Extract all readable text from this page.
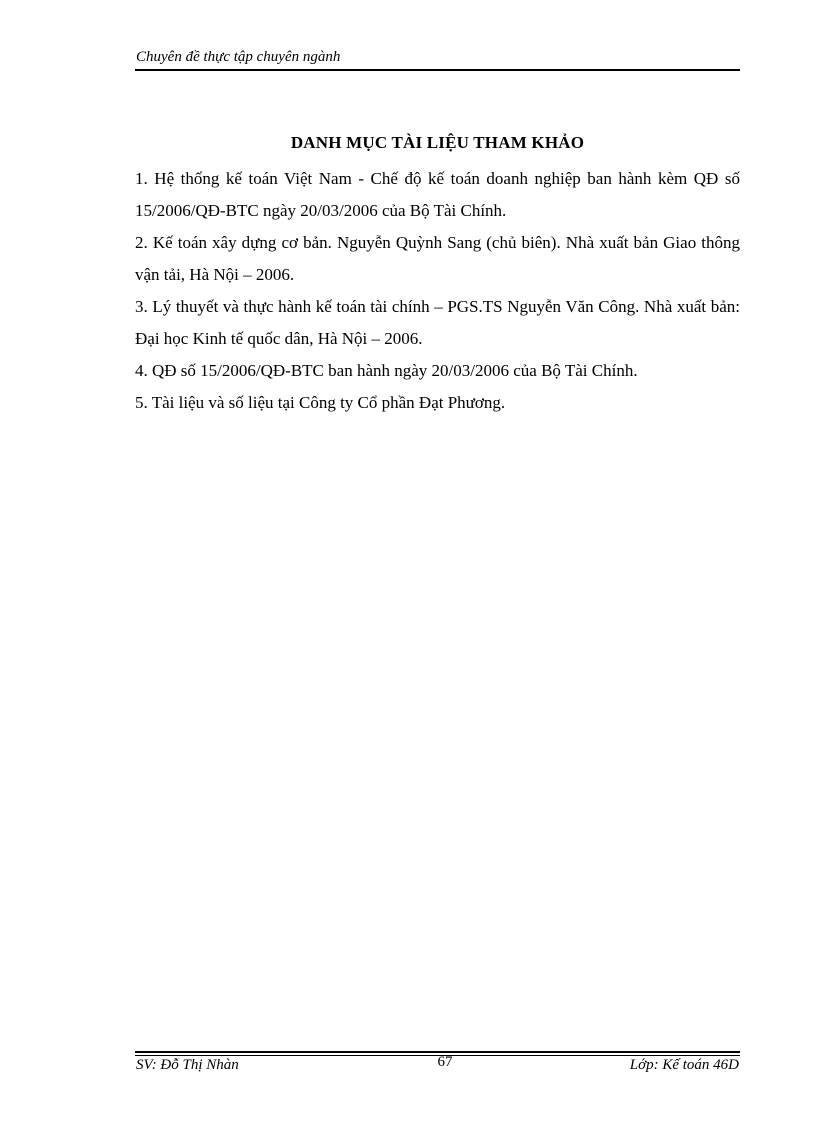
Chuyên đề thực tập chuyên ngành
DANH MỤC TÀI LIỆU THAM KHẢO
1. Hệ thống kế toán Việt Nam - Chế độ kế toán doanh nghiệp ban hành kèm QĐ số 15/2006/QĐ-BTC ngày 20/03/2006 của Bộ Tài Chính.
2. Kế toán xây dựng cơ bản. Nguyễn Quỳnh Sang (chủ biên). Nhà xuất bản Giao thông vận tải, Hà Nội – 2006.
3. Lý thuyết và thực hành kế toán tài chính – PGS.TS Nguyễn Văn Công. Nhà xuất bản: Đại học Kinh tế quốc dân, Hà Nội – 2006.
4. QĐ số 15/2006/QĐ-BTC ban hành ngày 20/03/2006 của Bộ Tài Chính.
5. Tài liệu và số liệu tại Công ty Cổ phần Đạt Phương.
SV: Đỗ Thị Nhàn	67	Lớp: Kế toán 46D
